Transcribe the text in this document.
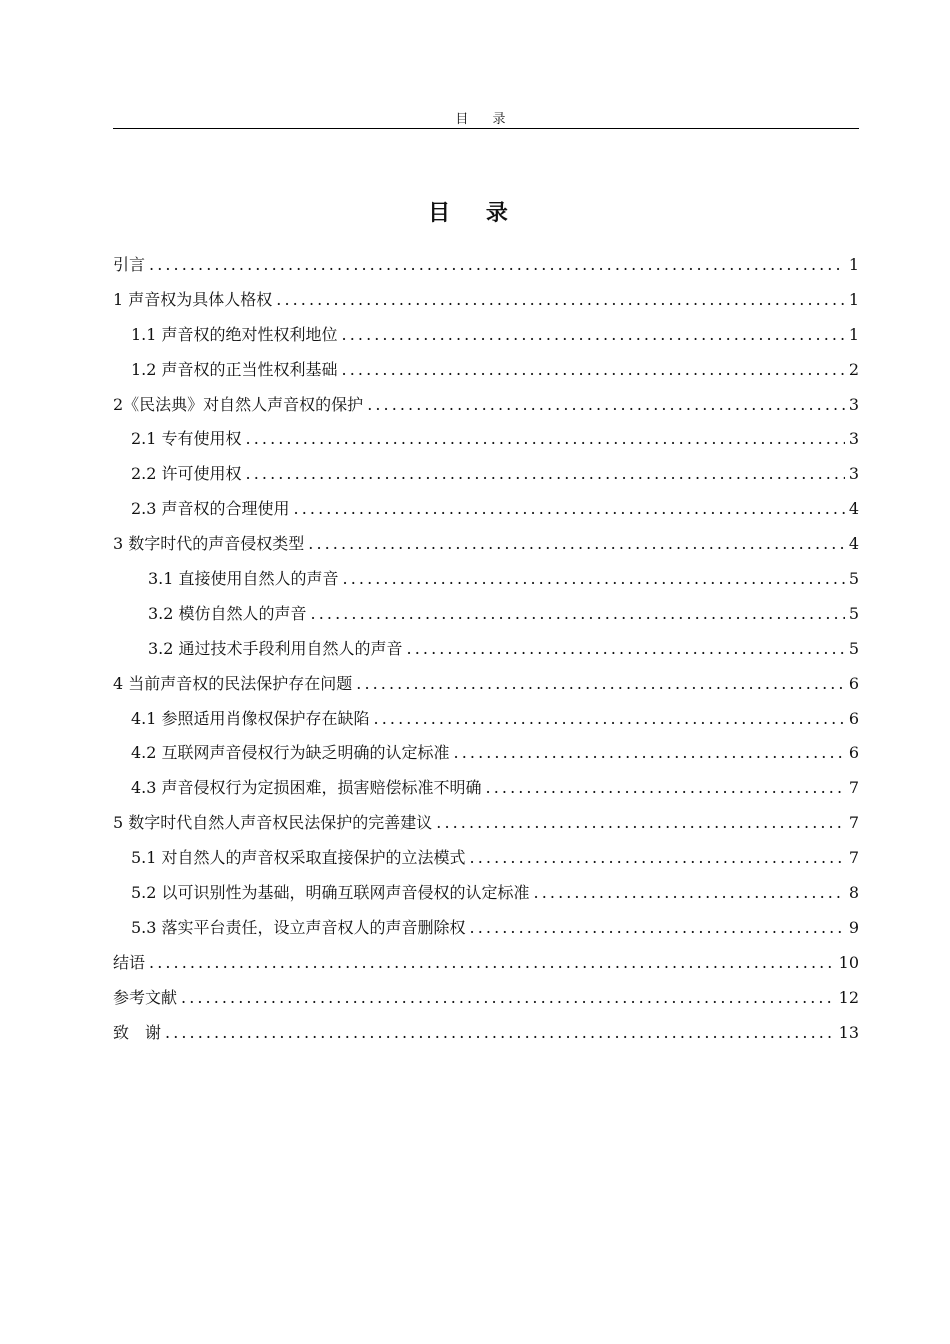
目 录
目 录
引言 . . .	1
1 声音权为具体人格权 . . .	1
1.1 声音权的绝对性权利地位 . . .	1
1.2 声音权的正当性权利基础 . . .	2
2《民法典》对自然人声音权的保护 . . .	3
2.1 专有使用权 . . .	3
2.2 许可使用权 . . .	3
2.3 声音权的合理使用 . . .	4
3 数字时代的声音侵权类型 . . .	4
3.1 直接使用自然人的声音 . . .	5
3.2 模仿自然人的声音 . . .	5
3.2 通过技术手段利用自然人的声音 . . .	5
4 当前声音权的民法保护存在问题 . . .	6
4.1 参照适用肖像权保护存在缺陷 . . .	6
4.2 互联网声音侵权行为缺乏明确的认定标准 . . .	6
4.3 声音侵权行为定损困难，损害赔偿标准不明确 . . .	7
5 数字时代自然人声音权民法保护的完善建议 . . .	7
5.1 对自然人的声音权采取直接保护的立法模式 . . .	7
5.2 以可识别性为基础，明确互联网声音侵权的认定标准 . . .	8
5.3 落实平台责任，设立声音权人的声音删除权 . . .	9
结语 . . .	10
参考文献 . . .	12
致　谢 . . .	13
